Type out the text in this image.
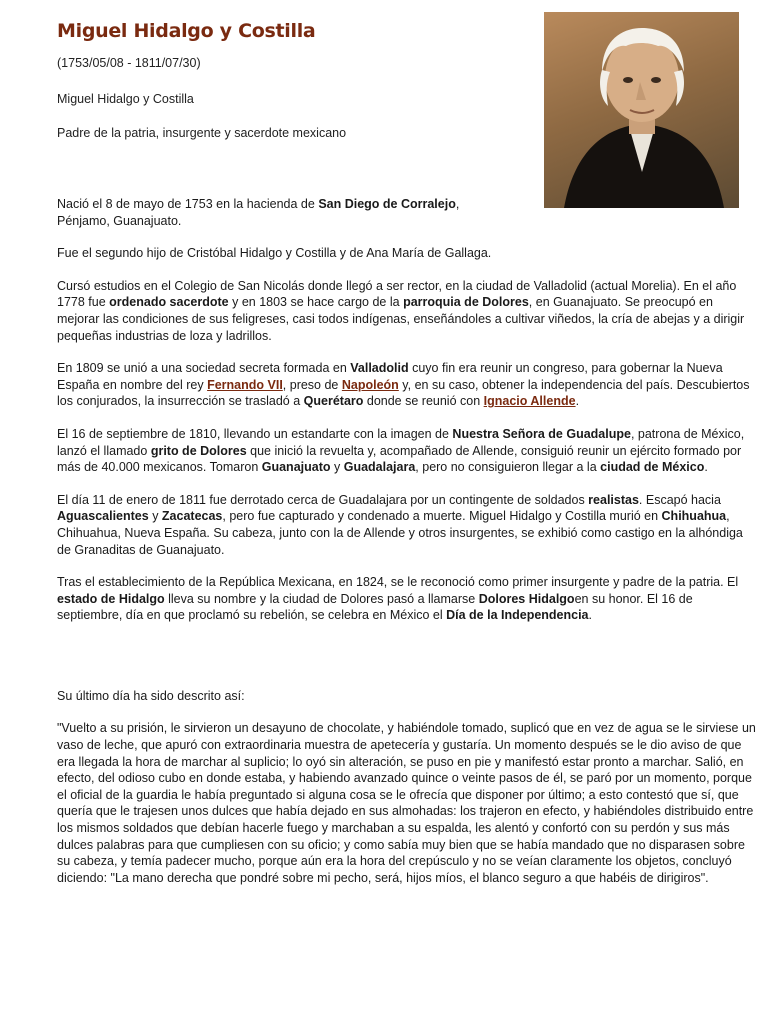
Miguel Hidalgo y Costilla
(1753/05/08 - 1811/07/30)
Miguel Hidalgo y Costilla
Padre de la patria, insurgente y sacerdote mexicano

Nació el 8 de mayo de 1753 en la hacienda de San Diego de Corralejo, Pénjamo, Guanajuato.

Fue el segundo hijo de Cristóbal Hidalgo y Costilla y de Ana María de Gallaga.

Cursó estudios en el Colegio de San Nicolás donde llegó a ser rector, en la ciudad de Valladolid (actual Morelia). En el año 1778 fue ordenado sacerdote y en 1803 se hace cargo de la parroquia de Dolores, en Guanajuato. Se preocupó en mejorar las condiciones de sus feligreses, casi todos indígenas, enseñándoles a cultivar viñedos, la cría de abejas y a dirigir pequeñas industrias de loza y ladrillos.

En 1809 se unió a una sociedad secreta formada en Valladolid cuyo fin era reunir un congreso, para gobernar la Nueva España en nombre del rey Fernando VII, preso de Napoleón y, en su caso, obtener la independencia del país. Descubiertos los conjurados, la insurrección se trasladó a Querétaro donde se reunió con Ignacio Allende.

El 16 de septiembre de 1810, llevando un estandarte con la imagen de Nuestra Señora de Guadalupe, patrona de México, lanzó el llamado grito de Dolores que inició la revuelta y, acompañado de Allende, consiguió reunir un ejército formado por más de 40.000 mexicanos. Tomaron Guanajuato y Guadalajara, pero no consiguieron llegar a la ciudad de México.

El día 11 de enero de 1811 fue derrotado cerca de Guadalajara por un contingente de soldados realistas. Escapó hacia Aguascalientes y Zacatecas, pero fue capturado y condenado a muerte. Miguel Hidalgo y Costilla murió en Chihuahua, Chihuahua, Nueva España. Su cabeza, junto con la de Allende y otros insurgentes, se exhibió como castigo en la alhóndiga de Granaditas de Guanajuato.

Tras el establecimiento de la República Mexicana, en 1824, se le reconoció como primer insurgente y padre de la patria. El estado de Hidalgo lleva su nombre y la ciudad de Dolores pasó a llamarse Dolores Hidalgoen su honor. El 16 de septiembre, día en que proclamó su rebelión, se celebra en México el Día de la Independencia.

Su último día ha sido descrito así:

"Vuelto a su prisión, le sirvieron un desayuno de chocolate, y habiéndole tomado, suplicó que en vez de agua se le sirviese un vaso de leche, que apuró con extraordinaria muestra de apetecería y gustaría. Un momento después se le dio aviso de que era llegada la hora de marchar al suplicio; lo oyó sin alteración, se puso en pie y manifestó estar pronto a marchar. Salió, en efecto, del odioso cubo en donde estaba, y habiendo avanzado quince o veinte pasos de él, se paró por un momento, porque el oficial de la guardia le había preguntado si alguna cosa se le ofrecía que disponer por último; a esto contestó que sí, que quería que le trajesen unos dulces que había dejado en sus almohadas: los trajeron en efecto, y habiéndoles distribuido entre los mismos soldados que debían hacerle fuego y marchaban a su espalda, les alentó y confortó con su perdón y sus más dulces palabras para que cumpliesen con su oficio; y como sabía muy bien que se había mandado que no disparasen sobre su cabeza, y temía padecer mucho, porque aún era la hora del crepúsculo y no se veían claramente los objetos, concluyó diciendo: "La mano derecha que pondré sobre mi pecho, será, hijos míos, el blanco seguro a que habéis de dirigiros".
